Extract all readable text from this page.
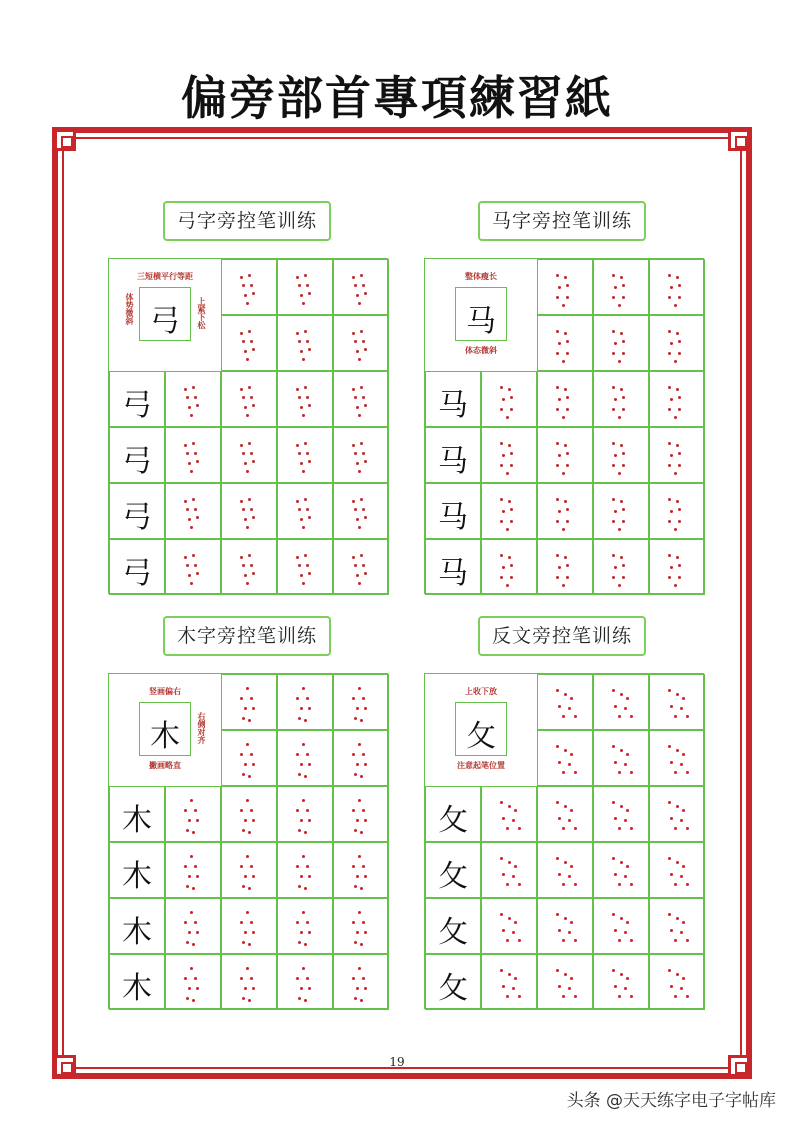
偏旁部首專項練習紙
弓字旁控笔训练
弓
弓
弓
弓
弓
三短横平行等距
体势微斜	上紧下松
马字旁控笔训练
马
马
马
马
马
整体瘦长
体态微斜
木字旁控笔训练
木
木
木
木
木
竖画偏右
撇画略直
右侧对齐
反文旁控笔训练
攵
攵
攵
攵
攵
上收下放
注意起笔位置
19
头条 @天天练字电子字帖库
